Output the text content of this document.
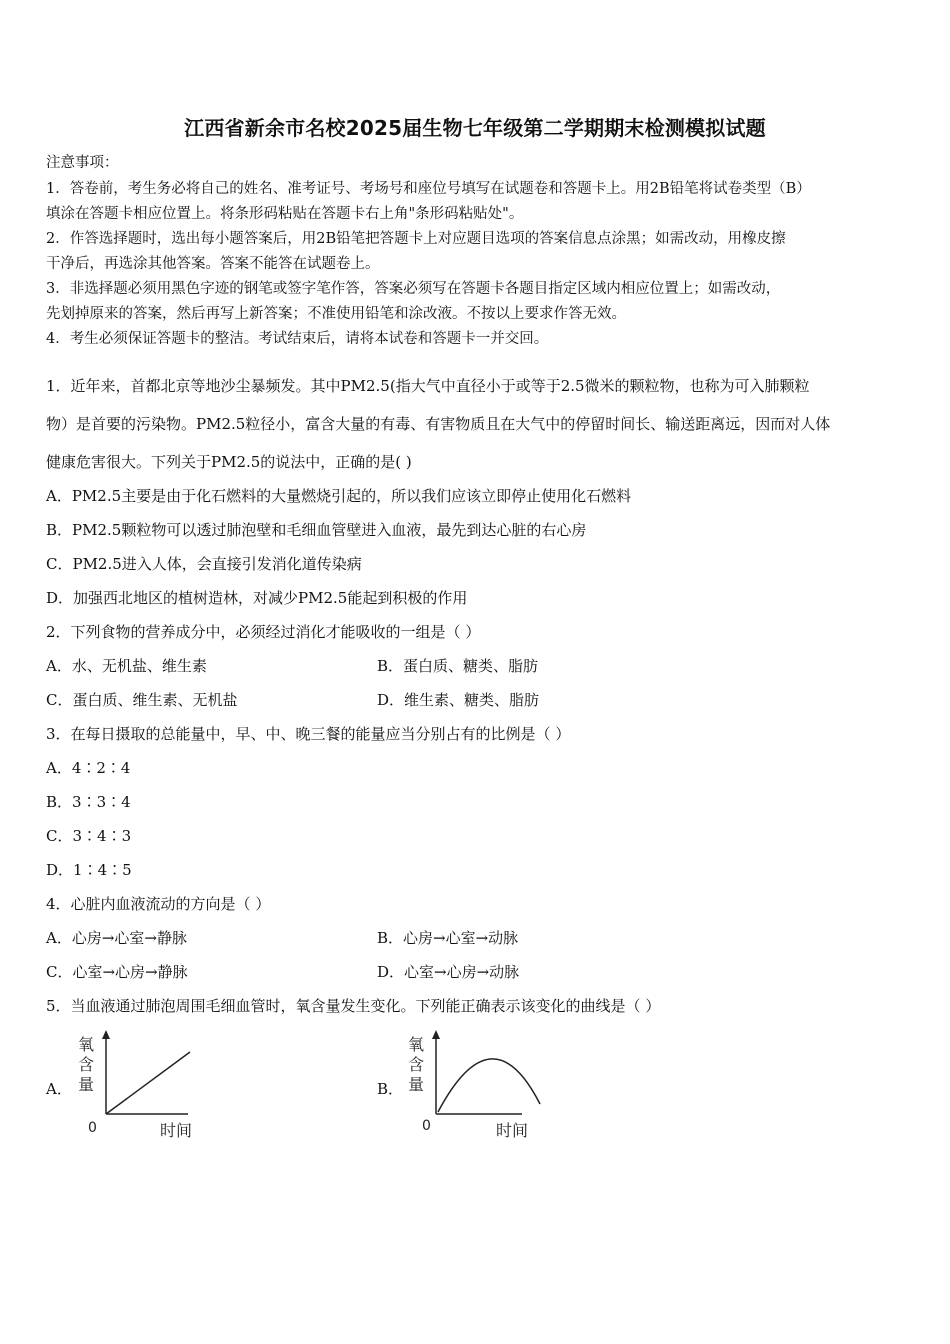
江西省新余市名校2025届生物七年级第二学期期末检测模拟试题
注意事项：
1．答卷前，考生务必将自己的姓名、准考证号、考场号和座位号填写在试题卷和答题卡上。用2B铅笔将试卷类型（B）
填涂在答题卡相应位置上。将条形码粘贴在答题卡右上角"条形码粘贴处"。
2．作答选择题时，选出每小题答案后，用2B铅笔把答题卡上对应题目选项的答案信息点涂黑；如需改动，用橡皮擦
干净后，再选涂其他答案。答案不能答在试题卷上。
3．非选择题必须用黑色字迹的钢笔或签字笔作答，答案必须写在答题卡各题目指定区域内相应位置上；如需改动，
先划掉原来的答案，然后再写上新答案；不准使用铅笔和涂改液。不按以上要求作答无效。
4．考生必须保证答题卡的整洁。考试结束后，请将本试卷和答题卡一并交回。
1．近年来，首都北京等地沙尘暴频发。其中PM2.5(指大气中直径小于或等于2.5微米的颗粒物，也称为可入肺颗粒
物）是首要的污染物。PM2.5粒径小，富含大量的有毒、有害物质且在大气中的停留时间长、输送距离远，因而对人体
健康危害很大。下列关于PM2.5的说法中，正确的是( )
A．PM2.5主要是由于化石燃料的大量燃烧引起的，所以我们应该立即停止使用化石燃料
B．PM2.5颗粒物可以透过肺泡壁和毛细血管壁进入血液，最先到达心脏的右心房
C．PM2.5进入人体，会直接引发消化道传染病
D．加强西北地区的植树造林，对减少PM2.5能起到积极的作用
2．下列食物的营养成分中，必须经过消化才能吸收的一组是（ ）
A．水、无机盐、维生素	B．蛋白质、糖类、脂肪
C．蛋白质、维生素、无机盐	D．维生素、糖类、脂肪
3．在每日摄取的总能量中，早、中、晚三餐的能量应当分别占有的比例是（ ）
A．4∶2∶4
B．3∶3∶4
C．3∶4∶3
D．1∶4∶5
4．心脏内血液流动的方向是（ ）
A．心房→心室→静脉	B．心房→心室→动脉
C．心室→心房→静脉	D．心室→心房→动脉
5．当血液通过肺泡周围毛细血管时，氧含量发生变化。下列能正确表示该变化的曲线是（ ）
A．
氧
含
量
0	时间
B．
氧
含
量
0	时间
